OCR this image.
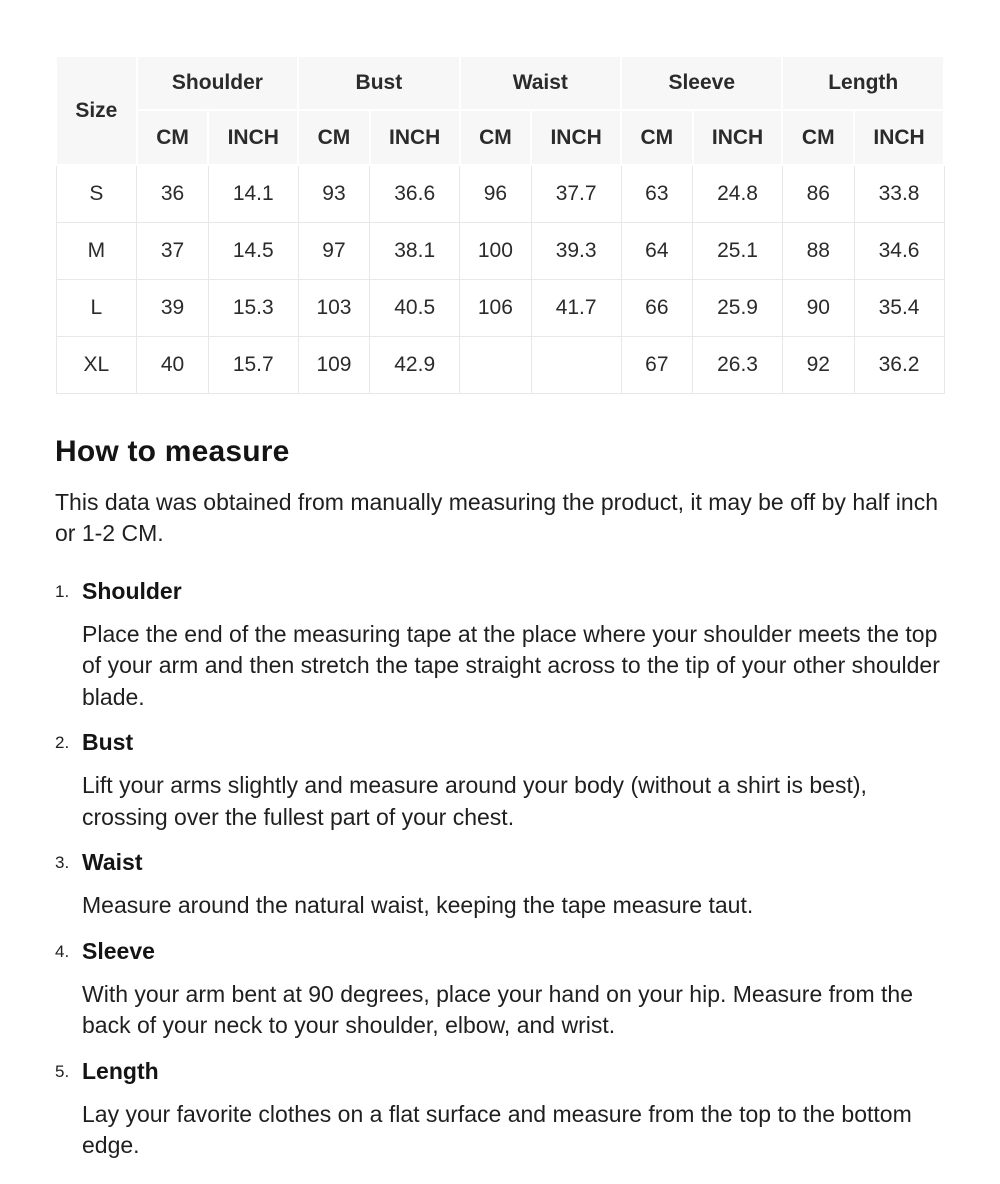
Size	Shoulder		Bust		Waist		Sleeve		Length	
	CM	INCH	CM	INCH	CM	INCH	CM	INCH	CM	INCH
S	36	14.1	93	36.6	96	37.7	63	24.8	86	33.8
M	37	14.5	97	38.1	100	39.3	64	25.1	88	34.6
L	39	15.3	103	40.5	106	41.7	66	25.9	90	35.4
XL	40	15.7	109	42.9			67	26.3	92	36.2
How to measure

This data was obtained from manually measuring the product, it may be off by half inch or 1-2 CM.

1. Shoulder

Place the end of the measuring tape at the place where your shoulder meets the top of your arm and then stretch the tape straight across to the tip of your other shoulder blade.

2. Bust

Lift your arms slightly and measure around your body (without a shirt is best), crossing over the fullest part of your chest.

3. Waist

Measure around the natural waist, keeping the tape measure taut.

4. Sleeve

With your arm bent at 90 degrees, place your hand on your hip. Measure from the back of your neck to your shoulder, elbow, and wrist.

5. Length

Lay your favorite clothes on a flat surface and measure from the top to the bottom edge.
